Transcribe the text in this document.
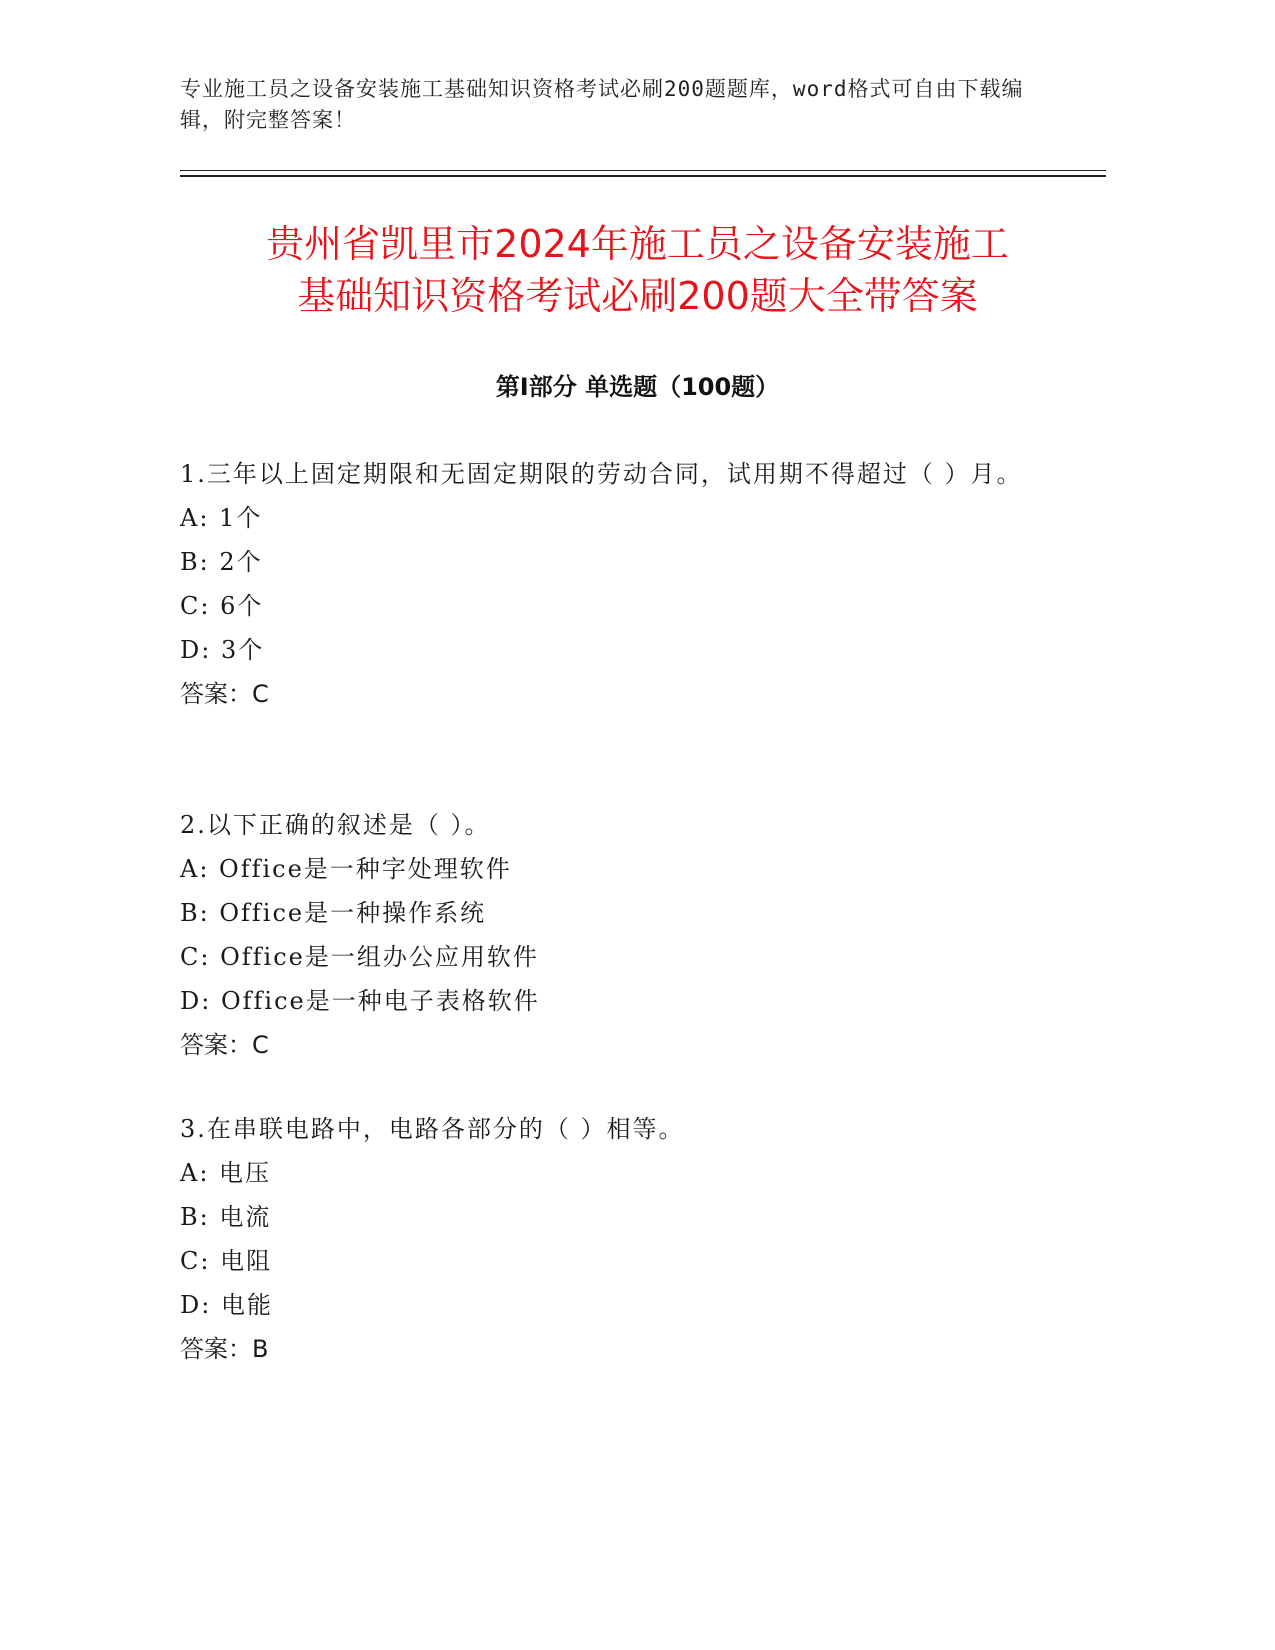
专业施工员之设备安装施工基础知识资格考试必刷200题题库，word格式可自由下载编辑，附完整答案！

贵州省凯里市2024年施工员之设备安装施工
基础知识资格考试必刷200题大全带答案
第Ⅰ部分 单选题（100题）

1.三年以上固定期限和无固定期限的劳动合同，试用期不得超过（ ）月。

A: 1个

B: 2个

C: 6个

D: 3个

答案：C

2.以下正确的叙述是（ ）。

A: Office是一种字处理软件

B: Office是一种操作系统

C: Office是一组办公应用软件

D: Office是一种电子表格软件

答案：C

3.在串联电路中，电路各部分的（ ）相等。

A: 电压

B: 电流

C: 电阻

D: 电能

答案：B
